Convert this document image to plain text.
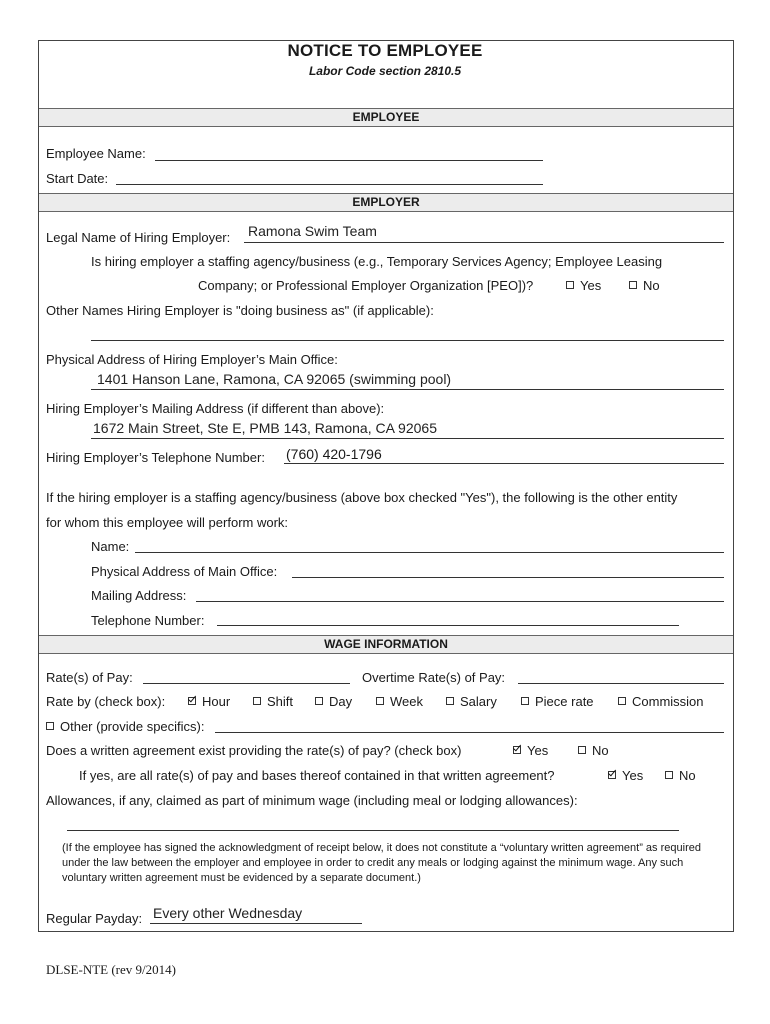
NOTICE TO EMPLOYEE
Labor Code section 2810.5
EMPLOYEE
Employee Name:
Start Date:
EMPLOYER
Legal Name of Hiring Employer: Ramona Swim Team
Is hiring employer a staffing agency/business (e.g., Temporary Services Agency; Employee Leasing
Company; or Professional Employer Organization [PEO])?	Yes	No
Other Names Hiring Employer is "doing business as" (if applicable):
Physical Address of Hiring Employer’s Main Office:
1401 Hanson Lane, Ramona, CA 92065 (swimming pool)
Hiring Employer’s Mailing Address (if different than above):
1672 Main Street, Ste E, PMB 143, Ramona, CA 92065
Hiring Employer’s Telephone Number: (760) 420-1796
If the hiring employer is a staffing agency/business (above box checked "Yes"), the following is the other entity
for whom this employee will perform work:
Name:
Physical Address of Main Office:
Mailing Address:
Telephone Number:
WAGE INFORMATION
Rate(s) of Pay:	Overtime Rate(s) of Pay:
Rate by (check box):	Hour	Shift	Day	Week	Salary	Piece rate	Commission
Other (provide specifics):
Does a written agreement exist providing the rate(s) of pay? (check box)	Yes	No
If yes, are all rate(s) of pay and bases thereof contained in that written agreement?	Yes	No
Allowances, if any, claimed as part of minimum wage (including meal or lodging allowances):
(If the employee has signed the acknowledgment of receipt below, it does not constitute a “voluntary written agreement” as required under the law between the employer and employee in order to credit any meals or lodging against the minimum wage. Any such voluntary written agreement must be evidenced by a separate document.)
Regular Payday: Every other Wednesday
DLSE-NTE (rev 9/2014)
